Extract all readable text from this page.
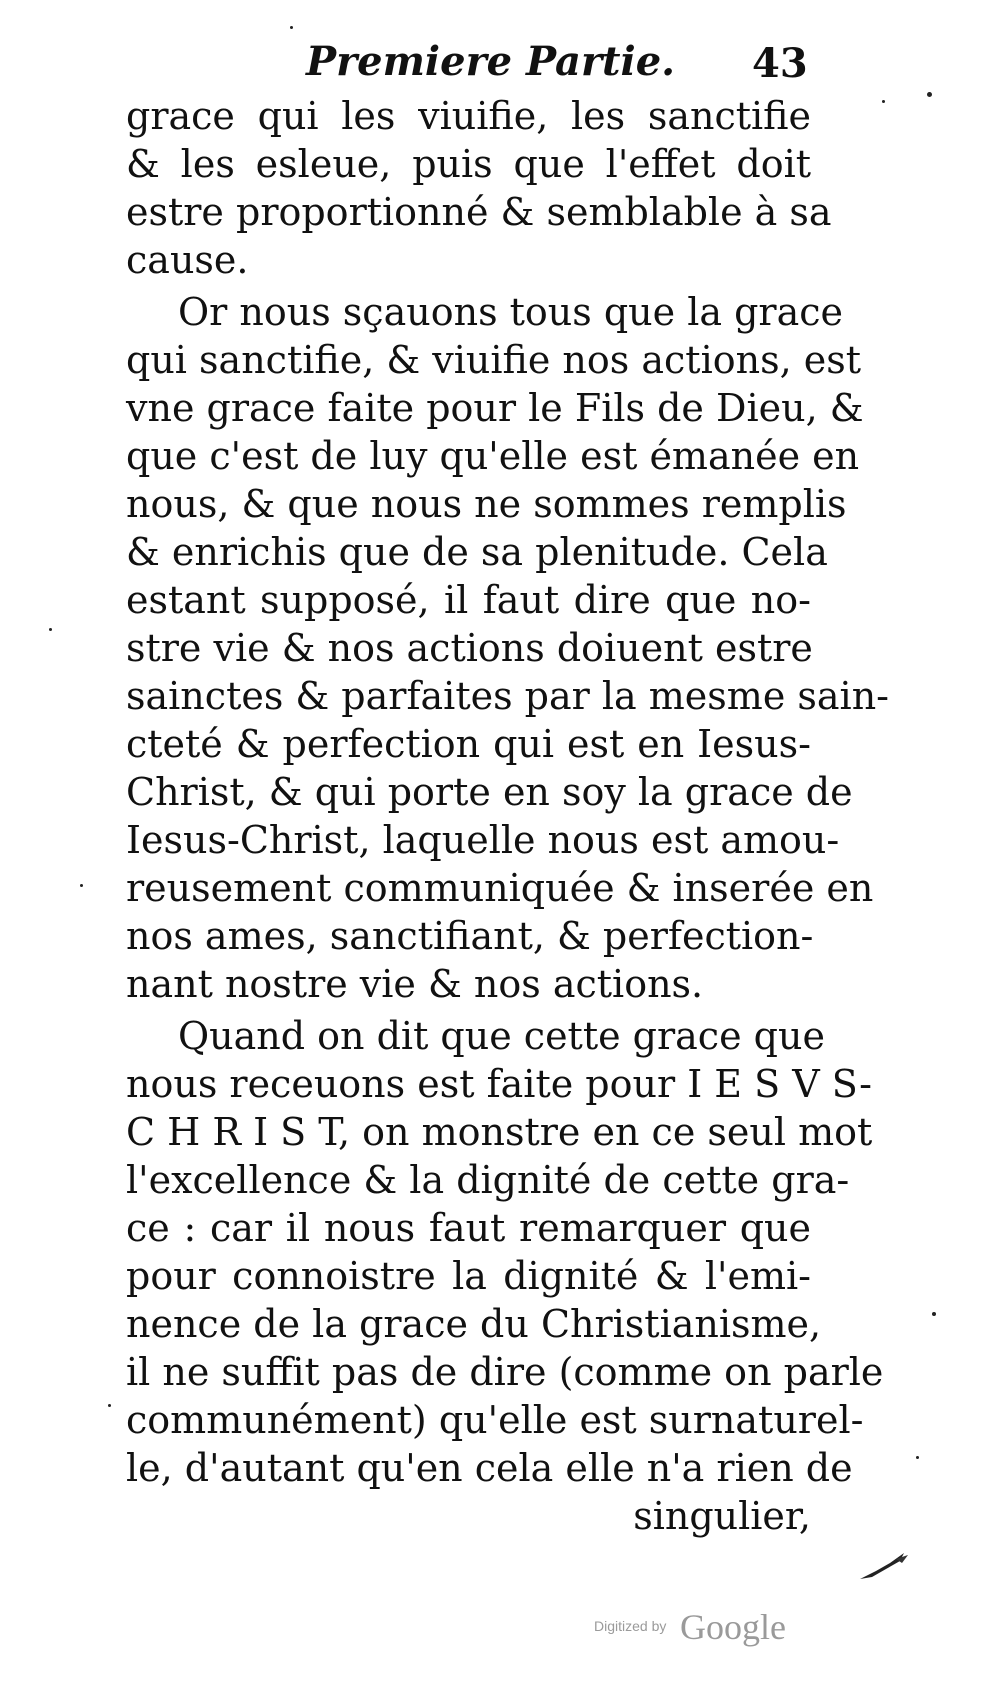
Premiere Partie. 43
grace qui les viuifie, les sanctifie
& les esleue, puis que l'effet doit
estre proportionné & semblable à sa
cause.
Or nous sçauons tous que la grace
qui sanctifie, & viuifie nos actions, est
vne grace faite pour le Fils de Dieu, &
que c'est de luy qu'elle est émanée en
nous, & que nous ne sommes remplis
& enrichis que de sa plenitude. Cela
estant supposé, il faut dire que no-
stre vie & nos actions doiuent estre
sainctes & parfaites par la mesme sain-
cteté & perfection qui est en Iesus-
Christ, & qui porte en soy la grace de
Iesus-Christ, laquelle nous est amou-
reusement communiquée & inserée en
nos ames, sanctifiant, & perfection-
nant nostre vie & nos actions.
Quand on dit que cette grace que
nous receuons est faite pour I E S V S-
C H R I S T, on monstre en ce seul mot
l'excellence & la dignité de cette gra-
ce : car il nous faut remarquer que
pour connoistre la dignité & l'emi-
nence de la grace du Christianisme,
il ne suffit pas de dire (comme on parle
communément) qu'elle est surnaturel-
le, d'autant qu'en cela elle n'a rien de
singulier,
Digitized by Google
